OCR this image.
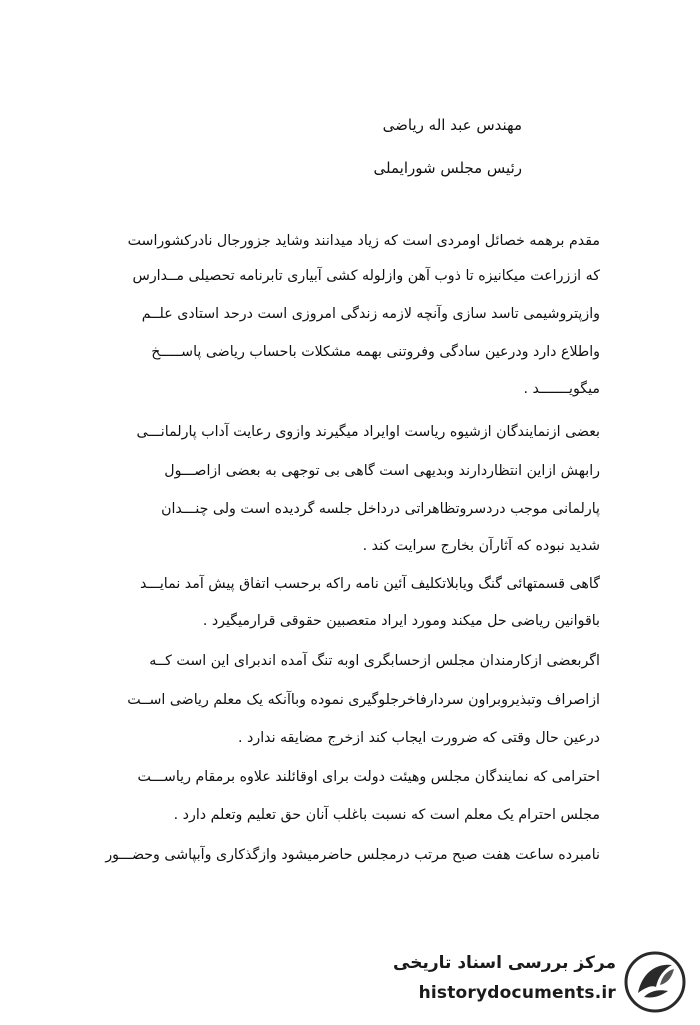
مهندس عبد اله ریاضی
رئیس مجلس شورایملی
مقدم برهمه خصائل اومردی است که زیاد میدانند وشاید جزورجال نادرکشوراست
که اززراعت میکانیزه تا ذوب آهن وازلوله کشی آبیاری تابرنامه تحصیلی مــدارس
وازپتروشیمی تاسد سازی وآنچه لازمه زندگی امروزی است درحد استادی علــم
واطلاع دارد ودرعین سادگی وفروتنی بهمه مشکلات باحساب ریاضی پاســـــخ
میگویـــــــد .
بعضی ازنمایندگان ازشیوه ریاست اوایراد میگیرند وازوی رعایت آداب پارلمانـــی
رابهش ازاین انتظاردارند وبدیهی است گاهی بی توجهی به بعضی ازاصـــول
پارلمانی موجب دردسروتظاهراتی درداخل جلسه گردیده است ولی چنـــدان
شدید نبوده که آثارآن بخارج سرایت کند .
گاهی قسمتهائی گنگ ویابلاتکلیف آئین نامه راکه برحسب اتفاق پیش آمد نمایـــد
باقوانین ریاضی حل میکند ومورد ایراد متعصبین حقوقی قرارمیگیرد .
اگربعضی ازکارمندان مجلس ازحسابگری اوبه تنگ آمده اندبرای این است کــه
ازاصراف وتبذیروبراون سردارفاخرجلوگیری نموده وباآنکه یک معلم ریاضی اســت
درعین حال وقتی که ضرورت ایجاب کند ازخرج مضایقه ندارد .
احترامی که نمایندگان مجلس وهیئت دولت برای اوقائلند علاوه برمقام ریاســـت
مجلس احترام یک معلم است که نسبت باغلب آنان حق تعلیم وتعلم دارد .
نامبرده ساعت هفت صبح مرتب درمجلس حاضرمیشود وازگذکاری وآبپاشی وحضـــور
مرکز بررسی اسناد تاریخی
historydocuments.ir
